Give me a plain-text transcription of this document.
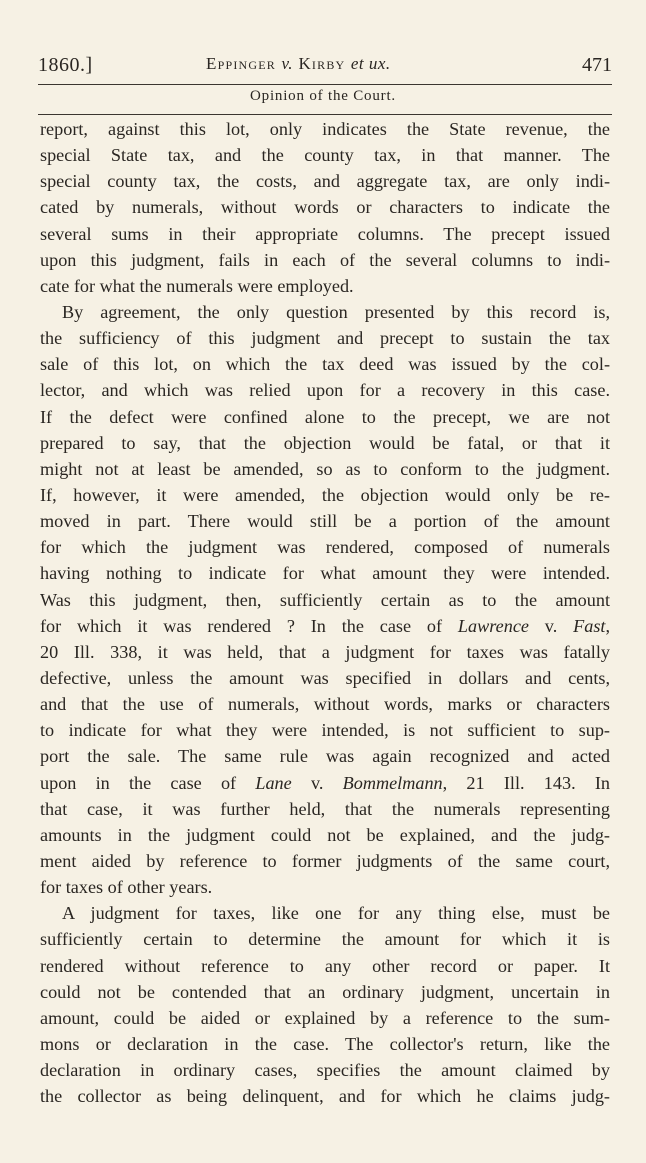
1860.]	Eppinger v. Kirby et ux.	471
Opinion of the Court.
report, against this lot, only indicates the State revenue, the
special State tax, and the county tax, in that manner. The
special county tax, the costs, and aggregate tax, are only indi-
cated by numerals, without words or characters to indicate the
several sums in their appropriate columns. The precept issued
upon this judgment, fails in each of the several columns to indi-
cate for what the numerals were employed.
By agreement, the only question presented by this record is,
the sufficiency of this judgment and precept to sustain the tax
sale of this lot, on which the tax deed was issued by the col-
lector, and which was relied upon for a recovery in this case.
If the defect were confined alone to the precept, we are not
prepared to say, that the objection would be fatal, or that it
might not at least be amended, so as to conform to the judgment.
If, however, it were amended, the objection would only be re-
moved in part. There would still be a portion of the amount
for which the judgment was rendered, composed of numerals
having nothing to indicate for what amount they were intended.
Was this judgment, then, sufficiently certain as to the amount
for which it was rendered ? In the case of Lawrence v. Fast,
20 Ill. 338, it was held, that a judgment for taxes was fatally
defective, unless the amount was specified in dollars and cents,
and that the use of numerals, without words, marks or characters
to indicate for what they were intended, is not sufficient to sup-
port the sale. The same rule was again recognized and acted
upon in the case of Lane v. Bommelmann, 21 Ill. 143. In
that case, it was further held, that the numerals representing
amounts in the judgment could not be explained, and the judg-
ment aided by reference to former judgments of the same court,
for taxes of other years.
A judgment for taxes, like one for any thing else, must be
sufficiently certain to determine the amount for which it is
rendered without reference to any other record or paper. It
could not be contended that an ordinary judgment, uncertain in
amount, could be aided or explained by a reference to the sum-
mons or declaration in the case. The collector's return, like the
declaration in ordinary cases, specifies the amount claimed by
the collector as being delinquent, and for which he claims judg-
